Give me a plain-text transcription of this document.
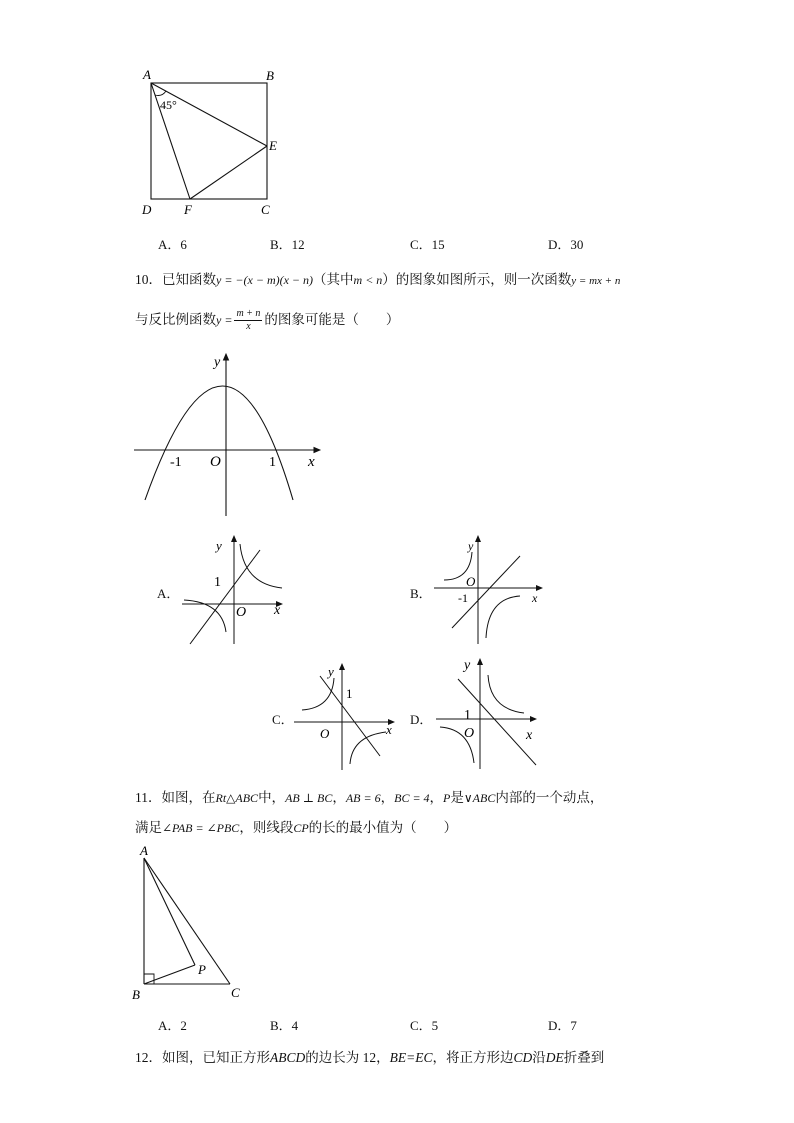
A	B
C
D
E
F
45°
A．6	B．12	C．15	D．30
10．已知函数y = −(x − m)(x − n)（其中m < n）的图象如图所示，则一次函数y = mx + n
与反比例函数$y = \frac{m + n}{x}$ 的图象可能是（　　）
y
x
O
-1	1
A．
y
x
O
1
B．
y
x
O
-1
C．
y
x
O
1
D．
y
x
O
1
11．如图，在Rt△ABC中，AB ⊥ BC，AB = 6，BC = 4，P是∨ABC内部的一个动点，
满足∠PAB = ∠PBC，则线段CP的长的最小值为（　　）
A
B	C
P
A．2	B．4	C．5	D．7
12．如图，已知正方形ABCD的边长为 12，BE=EC，将正方形边CD沿DE折叠到
